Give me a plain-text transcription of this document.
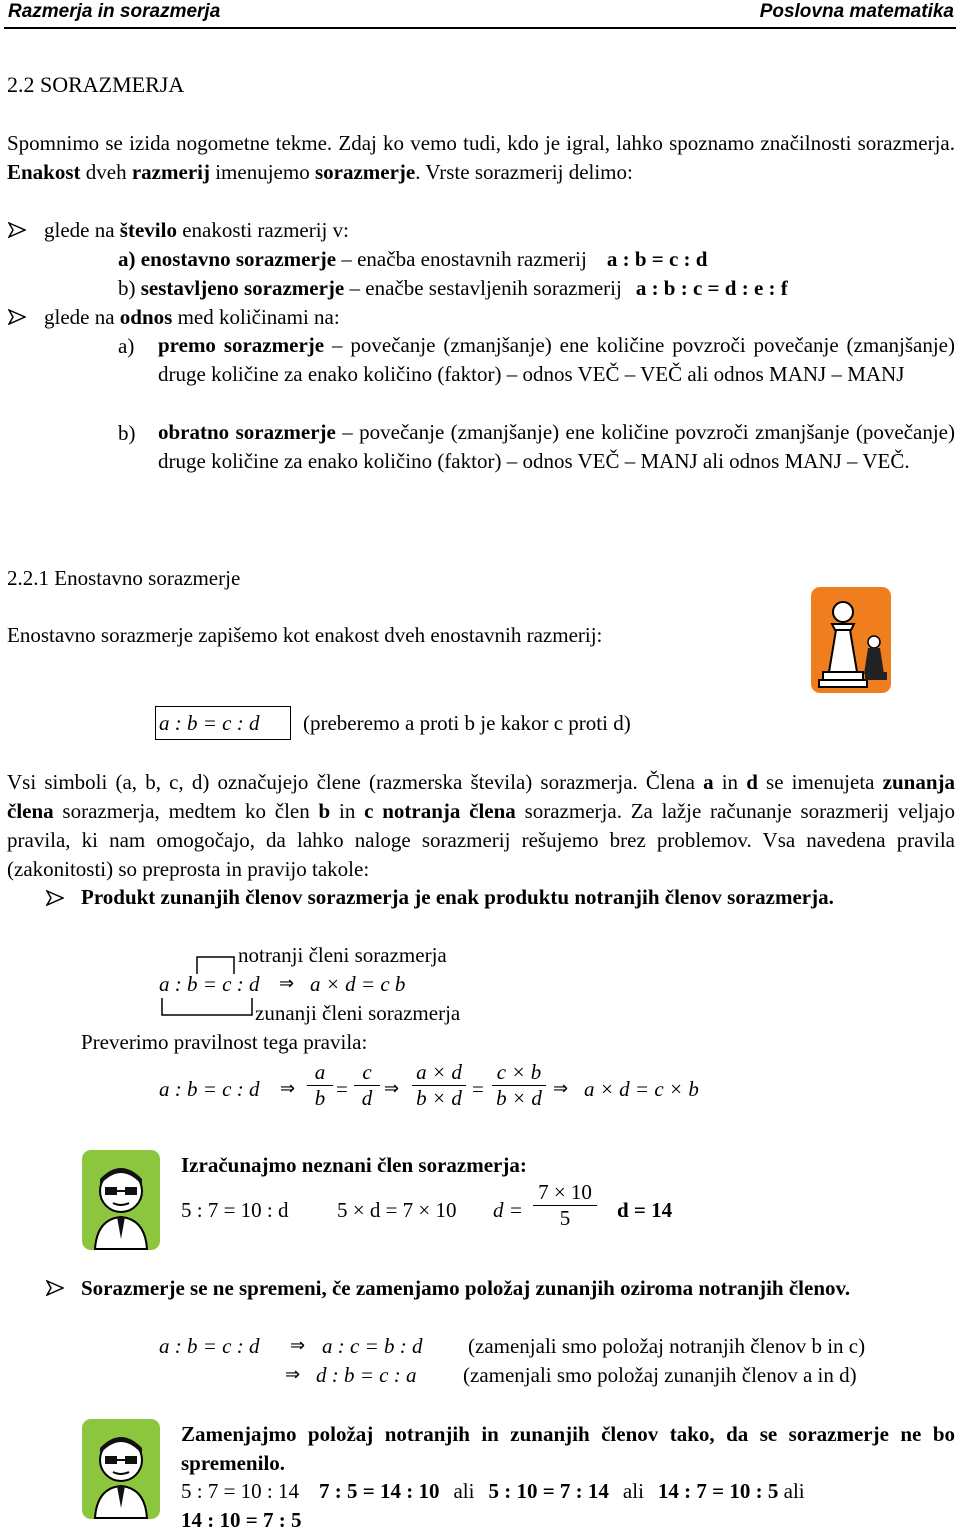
Razmerja in sorazmerja	Poslovna matematika
2.2 SORAZMERJA
Spomnimo se izida nogometne tekme. Zdaj ko vemo tudi, kdo je igral, lahko spoznamo značilnosti sorazmerja. Enakost dveh razmerij imenujemo sorazmerje. Vrste sorazmerij delimo:
glede na število enakosti razmerij v:
a) enostavno sorazmerje – enačba enostavnih razmerij a : b = c : d
b) sestavljeno sorazmerje – enačbe sestavljenih sorazmerij a : b : c = d : e : f
glede na odnos med količinami na:
a) premo sorazmerje – povečanje (zmanjšanje) ene količine povzroči povečanje (zmanjšanje) druge količine za enako količino (faktor) – odnos VEČ – VEČ ali odnos MANJ – MANJ
b) obratno sorazmerje – povečanje (zmanjšanje) ene količine povzroči zmanjšanje (povečanje) druge količine za enako količino (faktor) – odnos VEČ – MANJ ali odnos MANJ – VEČ.
2.2.1 Enostavno sorazmerje
Enostavno sorazmerje zapišemo kot enakost dveh enostavnih razmerij:
a : b = c : d (preberemo a proti b je kakor c proti d)
Vsi simboli (a, b, c, d) označujejo člene (razmerska števila) sorazmerja. Člena a in d se imenujeta zunanja člena sorazmerja, medtem ko člen b in c notranja člena sorazmerja. Za lažje računanje sorazmerij veljajo pravila, ki nam omogočajo, da lahko naloge sorazmerij rešujemo brez problemov. Vsa navedena pravila (zakonitosti) so preprosta in pravijo takole:
Produkt zunanjih členov sorazmerja je enak produktu notranjih členov sorazmerja.
notranji členi sorazmerja
a : b = c : d ⇒ a × d = c b
zunanji členi sorazmerja
Preverimo pravilnost tega pravila:
a : b = c : d ⇒
a
b =
c
d ⇒
a × d
b × d =
c × b
b × d ⇒ a × d = c × b
Izračunajmo neznani člen sorazmerja:
5 : 7 = 10 : d 5 × d = 7 × 10 d =
7 × 10
5	d = 14
Sorazmerje se ne spremeni, če zamenjamo položaj zunanjih oziroma notranjih členov.
a : b = c : d ⇒ a : c = b : d (zamenjali smo položaj notranjih členov b in c)
⇒ d : b = c : a (zamenjali smo položaj zunanjih členov a in d)
Zamenjajmo položaj notranjih in zunanjih členov tako, da se sorazmerje ne bo spremenilo.
5 : 7 = 10 : 14 7 : 5 = 14 : 10 ali 5 : 10 = 7 : 14 ali 14 : 7 = 10 : 5 ali
14 : 10 = 7 : 5
